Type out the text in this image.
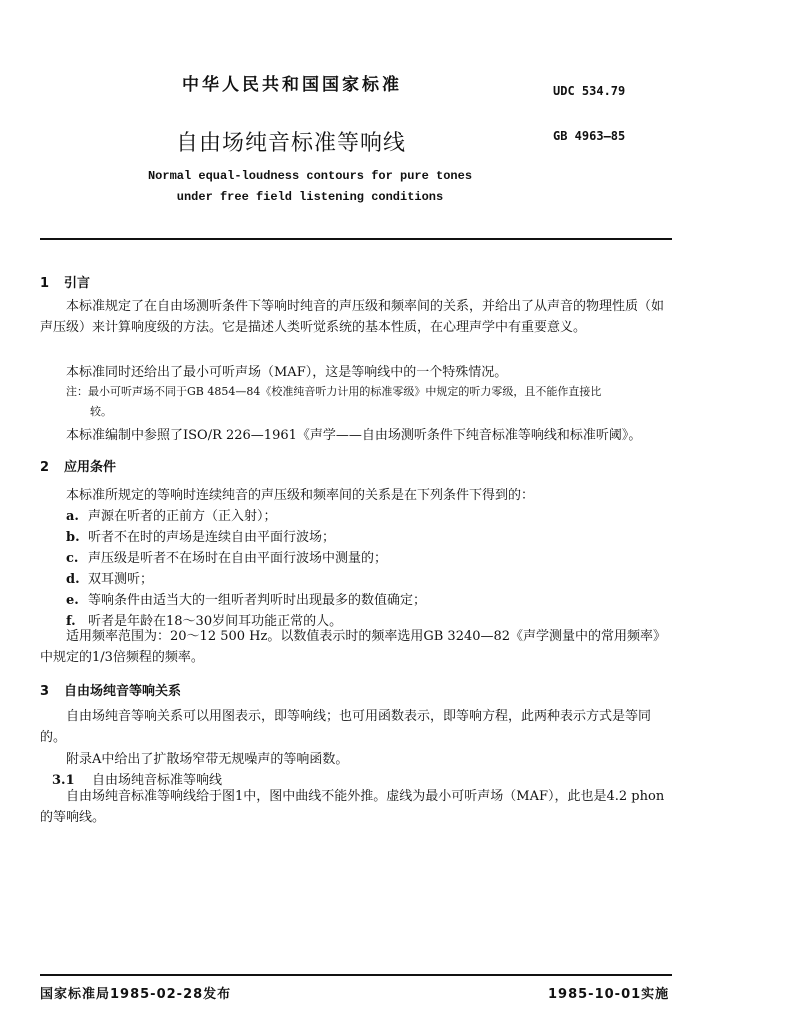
中华人民共和国国家标准	UDC 534.79
自由场纯音标准等响线	GB 4963—85
Normal equal-loudness contours for pure tones
under free field listening conditions
1 引言
本标准规定了在自由场测听条件下等响时纯音的声压级和频率间的关系，并给出了从声音的物理性质（如声压级）来计算响度级的方法。它是描述人类听觉系统的基本性质，在心理声学中有重要意义。
本标准同时还给出了最小可听声场（MAF），这是等响线中的一个特殊情况。
注：最小可听声场不同于GB 4854—84《校准纯音听力计用的标准零级》中规定的听力零级，且不能作直接比
较。
本标准编制中参照了ISO/R 226—1961《声学——自由场测听条件下纯音标准等响线和标准听阈》。
2 应用条件
本标准所规定的等响时连续纯音的声压级和频率间的关系是在下列条件下得到的：
a. 声源在听者的正前方（正入射）；
b. 听者不在时的声场是连续自由平面行波场；
c. 声压级是听者不在场时在自由平面行波场中测量的；
d. 双耳测听；
e. 等响条件由适当大的一组听者判听时出现最多的数值确定；
f. 听者是年龄在18～30岁间耳功能正常的人。
适用频率范围为：20～12 500 Hz。以数值表示时的频率选用GB 3240—82《声学测量中的常用频率》中规定的1/3倍频程的频率。
3 自由场纯音等响关系
自由场纯音等响关系可以用图表示，即等响线；也可用函数表示，即等响方程，此两种表示方式是等同的。
附录A中给出了扩散场窄带无规噪声的等响函数。
3.1 自由场纯音标准等响线
自由场纯音标准等响线给于图1中，图中曲线不能外推。虚线为最小可听声场（MAF），此也是4.2 phon的等响线。
国家标准局1985-02-28发布	1985-10-01实施
